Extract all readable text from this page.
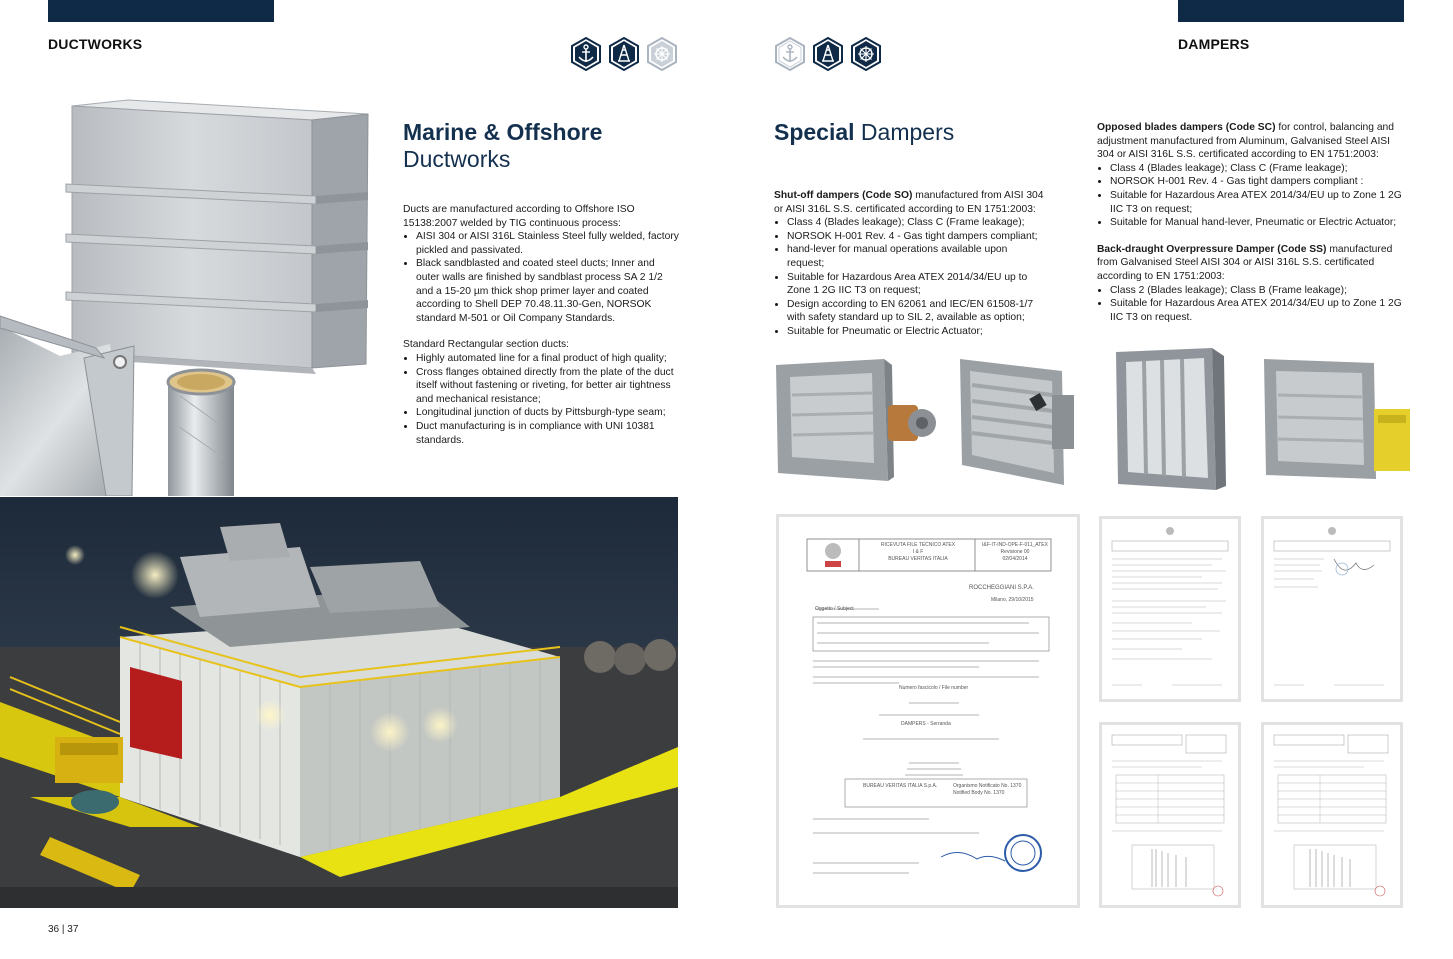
DUCTWORKS	DAMPERS
Marine & Offshore
Ductworks

Ducts are manufactured according to Offshore ISO 15138:2007 welded by TIG continuous process:

• AISI 304 or AISI 316L Stainless Steel fully welded, factory pickled and passivated.
• Black sandblasted and coated steel ducts; Inner and outer walls are finished by sandblast process SA 2 1/2 and a 15-20 µm thick shop primer layer and coated according to Shell DEP 70.48.11.30-Gen, NORSOK standard M-501 or Oil Company Standards.

Standard Rectangular section ducts:

• Highly automated line for a final product of high quality;
• Cross flanges obtained directly from the plate of the duct itself without fastening or riveting, for better air tightness and mechanical resistance;
• Longitudinal junction of ducts by Pittsburgh-type seam;
• Duct manufacturing is in compliance with UNI 10381 standards.
36 | 37
Special Dampers

Shut-off dampers (Code SO) manufactured from AISI 304 or AISI 316L S.S. certificated according to EN 1751:2003:

• Class 4 (Blades leakage); Class C (Frame leakage);
• NORSOK H-001 Rev. 4 - Gas tight dampers compliant;
• hand-lever for manual operations available upon request;
• Suitable for Hazardous Area ATEX 2014/34/EU up to Zone 1 2G IIC T3 on request;
• Design according to EN 62061 and IEC/EN 61508-1/7 with safety standard up to SIL 2, available as option;
• Suitable for Pneumatic or Electric Actuator;

Opposed blades dampers (Code SC) for control, balancing and adjustment manufactured from Aluminum, Galvanised Steel AISI 304 or AISI 316L S.S. certificated according to EN 1751:2003:

• Class 4 (Blades leakage); Class C (Frame leakage);
• NORSOK H-001 Rev. 4 - Gas tight dampers compliant :
• Suitable for Hazardous Area ATEX 2014/34/EU up to Zone 1 2G IIC T3 on request;
• Suitable for Manual hand-lever, Pneumatic or Electric Actuator;

Back-draught Overpressure Damper (Code SS) manufactured from Galvanised Steel AISI 304 or AISI 316L S.S. certificated according to EN 1751:2003:

• Class 2 (Blades leakage); Class B (Frame leakage);
• Suitable for Hazardous Area ATEX 2014/34/EU up to Zone 1 2G IIC T3 on request.
RICEVUTA FILE TECNICO ATEX
I & F
BUREAU VERITAS ITALIA
I&F-IT-IND-OPE-F-011_ATEX
Revisione 00
02/04/2014
ROCCHEGGIANI S.P.A.
Milano, 29/10/2015
Oggetto / Subject
Numero fascicolo / File number
DAMPERS - Serranda
BUREAU VERITAS ITALIA S.p.A.	Organismo Notificato No. 1370
Notified Body No. 1370
